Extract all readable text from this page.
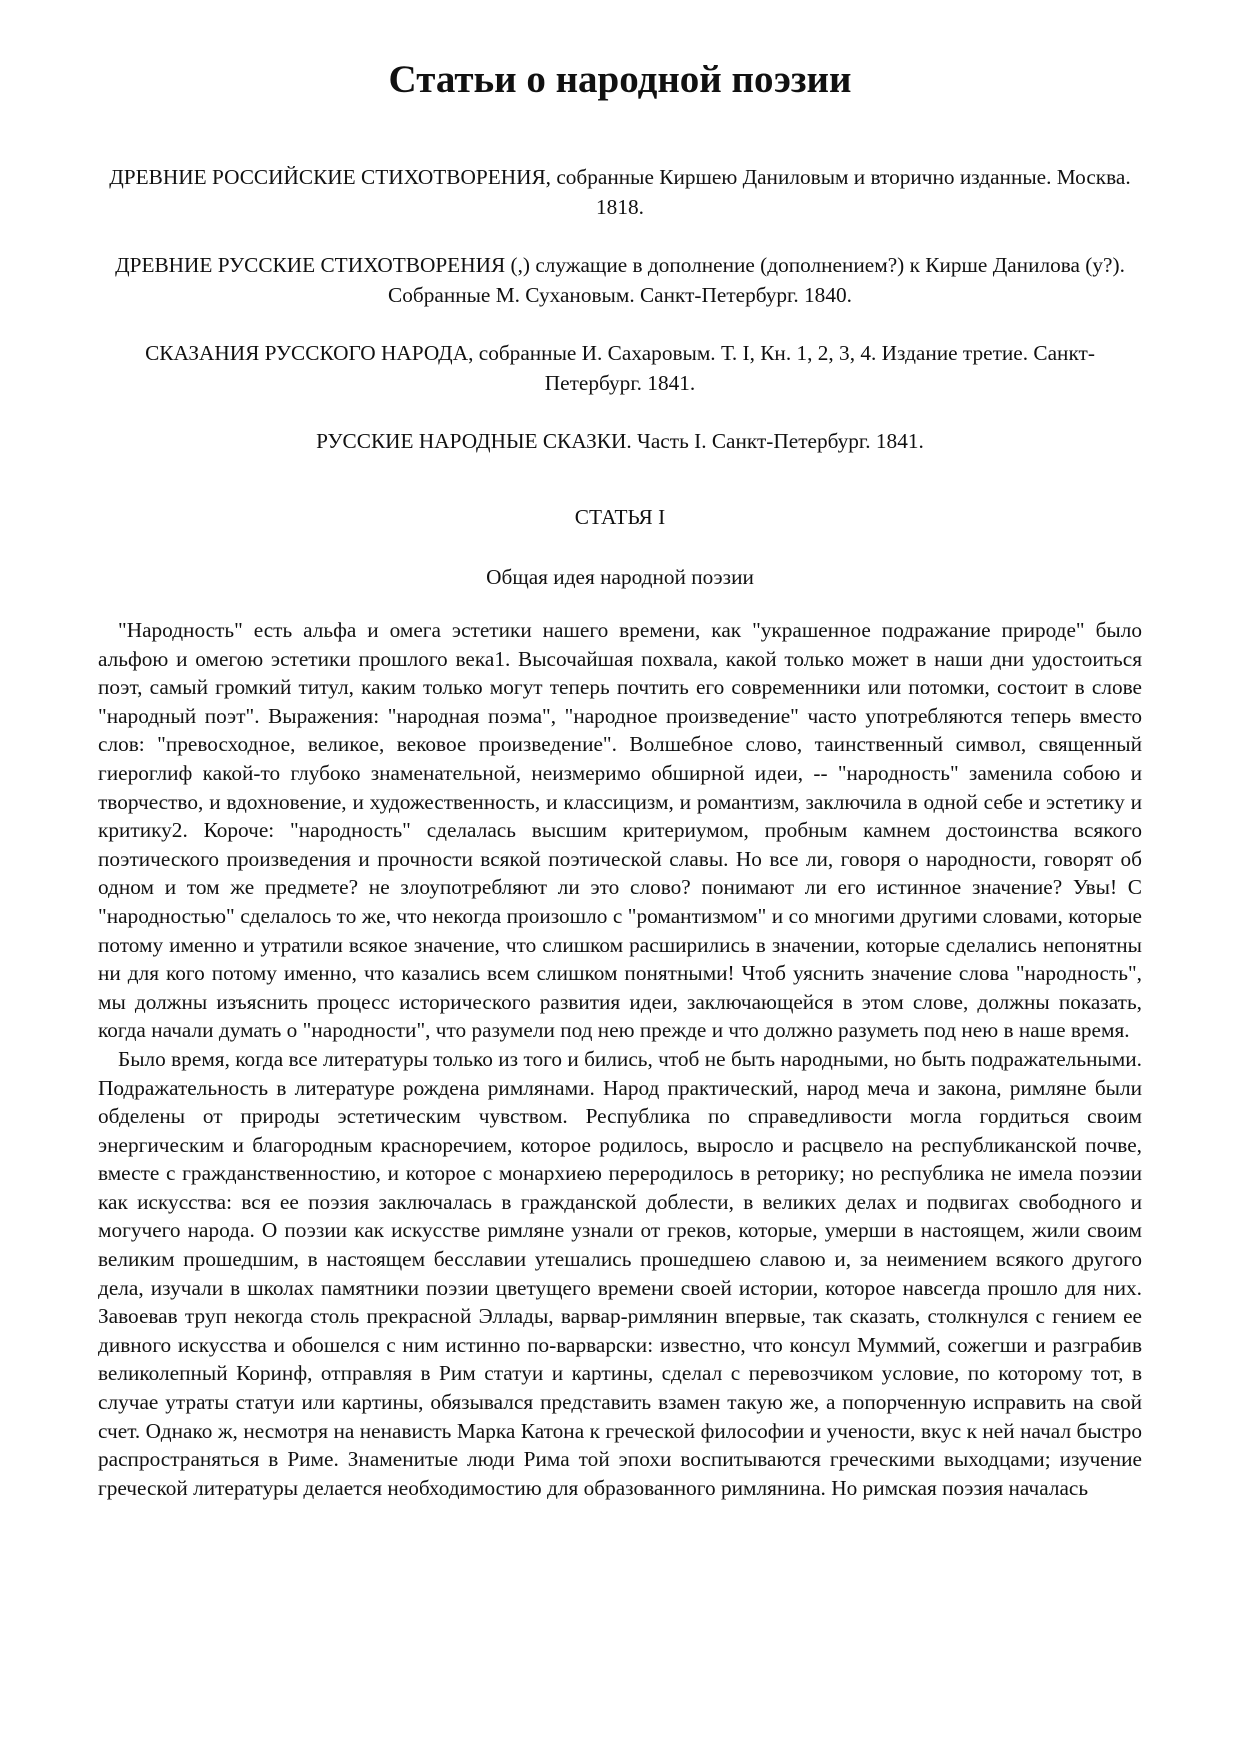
Статьи о народной поэзии

ДРЕВНИЕ РОССИЙСКИЕ СТИХОТВОРЕНИЯ, собранные Киршею Даниловым и вторично изданные. Москва. 1818.

ДРЕВНИЕ РУССКИЕ СТИХОТВОРЕНИЯ (,) служащие в дополнение (дополнением?) к Кирше Данилова (у?). Собранные М. Сухановым. Санкт-Петербург. 1840.

СКАЗАНИЯ РУССКОГО НАРОДА, собранные И. Сахаровым. Т. I, Кн. 1, 2, 3, 4. Издание третие. Санкт-Петербург. 1841.

РУССКИЕ НАРОДНЫЕ СКАЗКИ. Часть I. Санкт-Петербург. 1841.

СТАТЬЯ I
Общая идея народной поэзии

"Народность" есть альфа и омега эстетики нашего времени, как "украшенное подражание природе" было альфою и омегою эстетики прошлого века1. Высочайшая похвала, какой только может в наши дни удостоиться поэт, самый громкий титул, каким только могут теперь почтить его современники или потомки, состоит в слове "народный поэт". Выражения: "народная поэма", "народное произведение" часто употребляются теперь вместо слов: "превосходное, великое, вековое произведение". Волшебное слово, таинственный символ, священный гиероглиф какой-то глубоко знаменательной, неизмеримо обширной идеи, -- "народность" заменила собою и творчество, и вдохновение, и художественность, и классицизм, и романтизм, заключила в одной себе и эстетику и критику2. Короче: "народность" сделалась высшим критериумом, пробным камнем достоинства всякого поэтического произведения и прочности всякой поэтической славы. Но все ли, говоря о народности, говорят об одном и том же предмете? не злоупотребляют ли это слово? понимают ли его истинное значение? Увы! С "народностью" сделалось то же, что некогда произошло с "романтизмом" и со многими другими словами, которые потому именно и утратили всякое значение, что слишком расширились в значении, которые сделались непонятны ни для кого потому именно, что казались всем слишком понятными! Чтоб уяснить значение слова "народность", мы должны изъяснить процесс исторического развития идеи, заключающейся в этом слове, должны показать, когда начали думать о "народности", что разумели под нею прежде и что должно разуметь под нею в наше время.

Было время, когда все литературы только из того и бились, чтоб не быть народными, но быть подражательными. Подражательность в литературе рождена римлянами. Народ практический, народ меча и закона, римляне были обделены от природы эстетическим чувством. Республика по справедливости могла гордиться своим энергическим и благородным красноречием, которое родилось, выросло и расцвело на республиканской почве, вместе с гражданственностию, и которое с монархиею переродилось в реторику; но республика не имела поэзии как искусства: вся ее поэзия заключалась в гражданской доблести, в великих делах и подвигах свободного и могучего народа. О поэзии как искусстве римляне узнали от греков, которые, умерши в настоящем, жили своим великим прошедшим, в настоящем бесславии утешались прошедшею славою и, за неимением всякого другого дела, изучали в школах памятники поэзии цветущего времени своей истории, которое навсегда прошло для них. Завоевав труп некогда столь прекрасной Эллады, варвар-римлянин впервые, так сказать, столкнулся с гением ее дивного искусства и обошелся с ним истинно по-варварски: известно, что консул Муммий, сожегши и разграбив великолепный Коринф, отправляя в Рим статуи и картины, сделал с перевозчиком условие, по которому тот, в случае утраты статуи или картины, обязывался представить взамен такую же, а попорченную исправить на свой счет. Однако ж, несмотря на ненависть Марка Катона к греческой философии и учености, вкус к ней начал быстро распространяться в Риме. Знаменитые люди Рима той эпохи воспитываются греческими выходцами; изучение греческой литературы делается необходимостию для образованного римлянина. Но римская поэзия началась
